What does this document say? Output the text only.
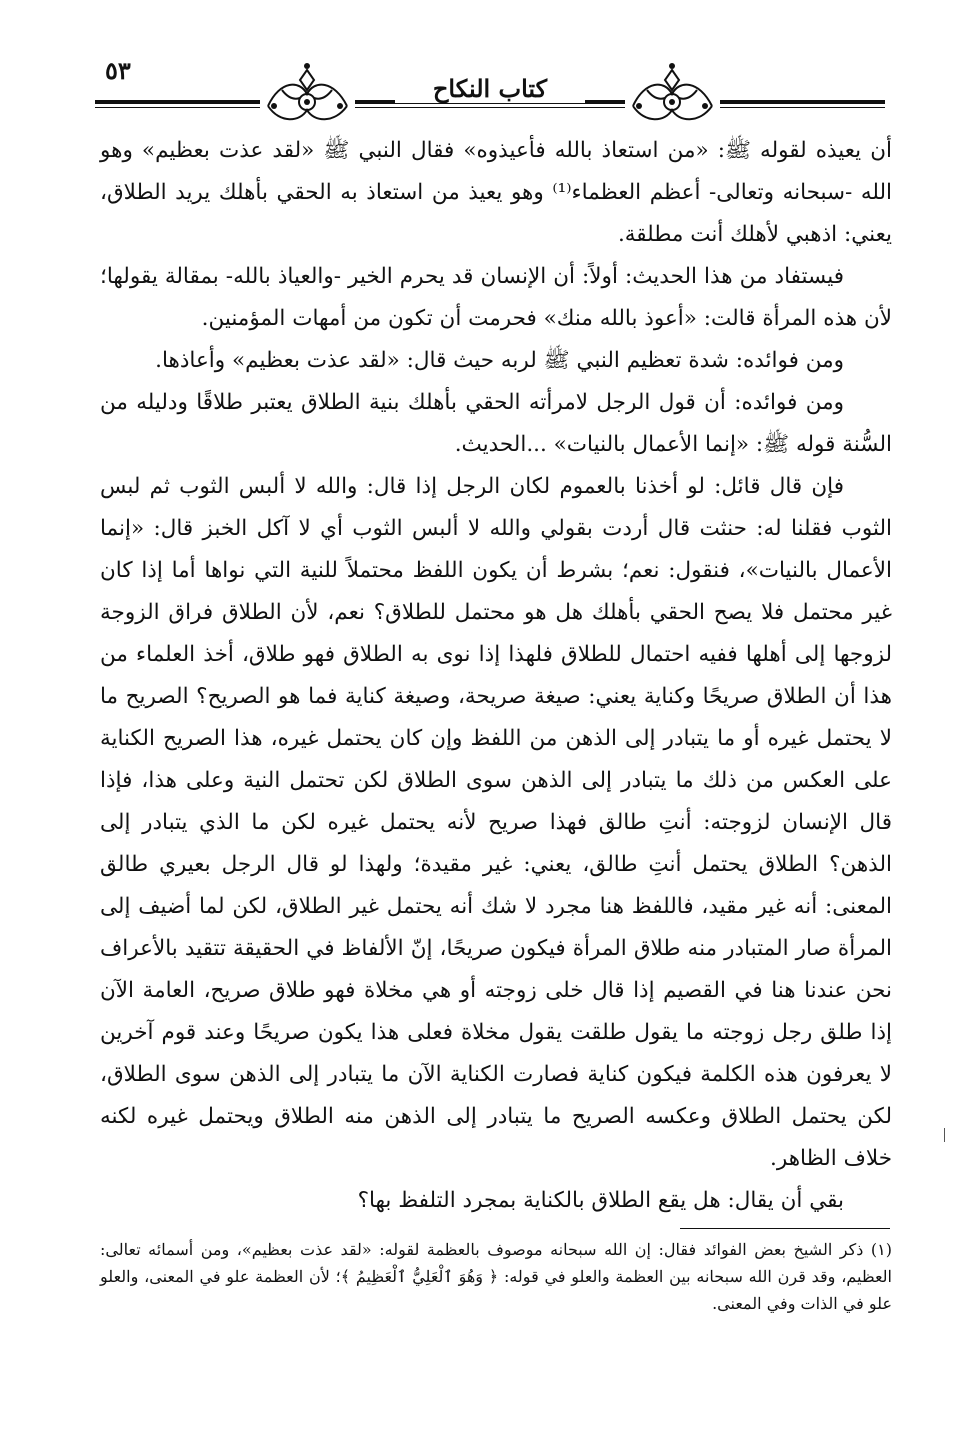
٥٣
كتاب النكاح

أن يعيذه لقوله ﷺ: «من استعاذ بالله فأعيذوه» فقال النبي ﷺ «لقد عذت بعظيم» وهو الله -سبحانه وتعالى- أعظم العظماء⁽¹⁾ وهو يعيذ من استعاذ به الحقي بأهلك يريد الطلاق، يعني: اذهبي لأهلك أنت مطلقة.

فيستفاد من هذا الحديث: أولاً: أن الإنسان قد يحرم الخير -والعياذ بالله- بمقالة يقولها؛ لأن هذه المرأة قالت: «أعوذ بالله منك» فحرمت أن تكون من أمهات المؤمنين.

ومن فوائده: شدة تعظيم النبي ﷺ لربه حيث قال: «لقد عذت بعظيم» وأعاذها.

ومن فوائده: أن قول الرجل لامرأته الحقي بأهلك بنية الطلاق يعتبر طلاقًا ودليله من السُّنة قوله ﷺ: «إنما الأعمال بالنيات» ...الحديث.

فإن قال قائل: لو أخذنا بالعموم لكان الرجل إذا قال: والله لا ألبس الثوب ثم لبس الثوب فقلنا له: حنثت قال أردت بقولي والله لا ألبس الثوب أي لا آكل الخبز قال: «إنما الأعمال بالنيات»، فنقول: نعم؛ بشرط أن يكون اللفظ محتملاً للنية التي نواها أما إذا كان غير محتمل فلا يصح الحقي بأهلك هل هو محتمل للطلاق؟ نعم، لأن الطلاق فراق الزوجة لزوجها إلى أهلها ففيه احتمال للطلاق فلهذا إذا نوى به الطلاق فهو طلاق، أخذ العلماء من هذا أن الطلاق صريحًا وكناية يعني: صيغة صريحة، وصيغة كناية فما هو الصريح؟ الصريح ما لا يحتمل غيره أو ما يتبادر إلى الذهن من اللفظ وإن كان يحتمل غيره، هذا الصريح الكناية على العكس من ذلك ما يتبادر إلى الذهن سوى الطلاق لكن تحتمل النية وعلى هذا، فإذا قال الإنسان لزوجته: أنتِ طالق فهذا صريح لأنه يحتمل غيره لكن ما الذي يتبادر إلى الذهن؟ الطلاق يحتمل أنتِ طالق، يعني: غير مقيدة؛ ولهذا لو قال الرجل بعيري طالق المعنى: أنه غير مقيد، فاللفظ هنا مجرد لا شك أنه يحتمل غير الطلاق، لكن لما أضيف إلى المرأة صار المتبادر منه طلاق المرأة فيكون صريحًا، إنّ الألفاظ في الحقيقة تتقيد بالأعراف نحن عندنا هنا في القصيم إذا قال خلى زوجته أو هي مخلاة فهو طلاق صريح، العامة الآن إذا طلق رجل زوجته ما يقول طلقت يقول مخلاة فعلى هذا يكون صريحًا وعند قوم آخرين لا يعرفون هذه الكلمة فيكون كناية فصارت الكناية الآن ما يتبادر إلى الذهن سوى الطلاق، لكن يحتمل الطلاق وعكسه الصريح ما يتبادر إلى الذهن منه الطلاق ويحتمل غيره لكنه خلاف الظاهر.

بقي أن يقال: هل يقع الطلاق بالكناية بمجرد التلفظ بها؟

(١) ذكر الشيخ بعض الفوائد فقال: إن الله سبحانه موصوف بالعظمة لقوله: «لقد عذت بعظيم»، ومن أسمائه تعالى: العظيم، وقد قرن الله سبحانه بين العظمة والعلو في قوله: ﴿ وَهُوَ ٱلْعَلِيُّ ٱلْعَظِيمُ ﴾؛ لأن العظمة علو في المعنى، والعلو علو في الذات وفي المعنى.
